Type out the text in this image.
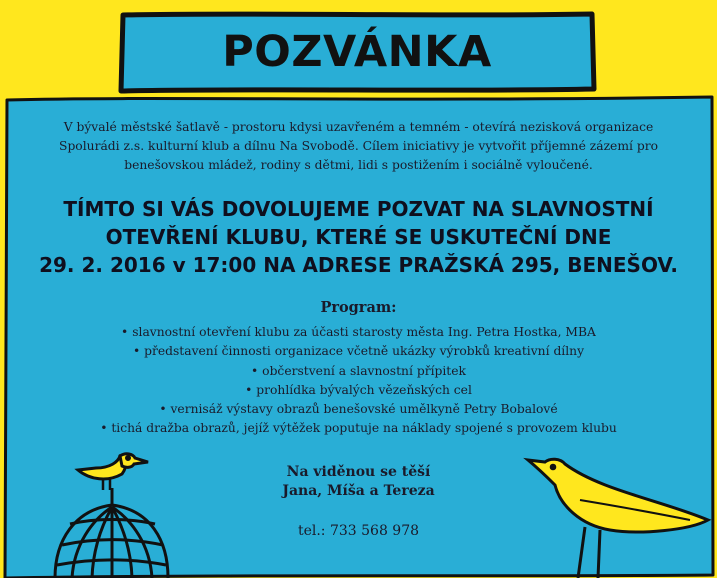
POZVÁNKA
V bývalé městské šatlavě - prostoru kdysi uzavřeném a temném - otevírá nezisková organizace Spolurádi z.s. kulturní klub a dílnu Na Svobodě. Cílem iniciativy je vytvořit příjemné zázemí pro benešovskou mládež, rodiny s dětmi, lidi s postižením i sociálně vyloučené.
TÍMTO SI VÁS DOVOLUJEME POZVAT NA SLAVNOSTNÍ
OTEVŘENÍ KLUBU, KTERÉ SE USKUTEČNÍ DNE
29. 2. 2016 v 17:00 NA ADRESE PRAŽSKÁ 295, BENEŠOV.
Program:
• slavnostní otevření klubu za účasti starosty města Ing. Petra Hostka, MBA
• představení činnosti organizace včetně ukázky výrobků kreativní dílny
• občerstvení a slavnostní přípitek
• prohlídka bývalých vězeňských cel
• vernisáž výstavy obrazů benešovské umělkyně Petry Bobalové
• tichá dražba obrazů, jejíž výtěžek poputuje na náklady spojené s provozem klubu
Na viděnou se těší
Jana, Míša a Tereza
tel.: 733 568 978
